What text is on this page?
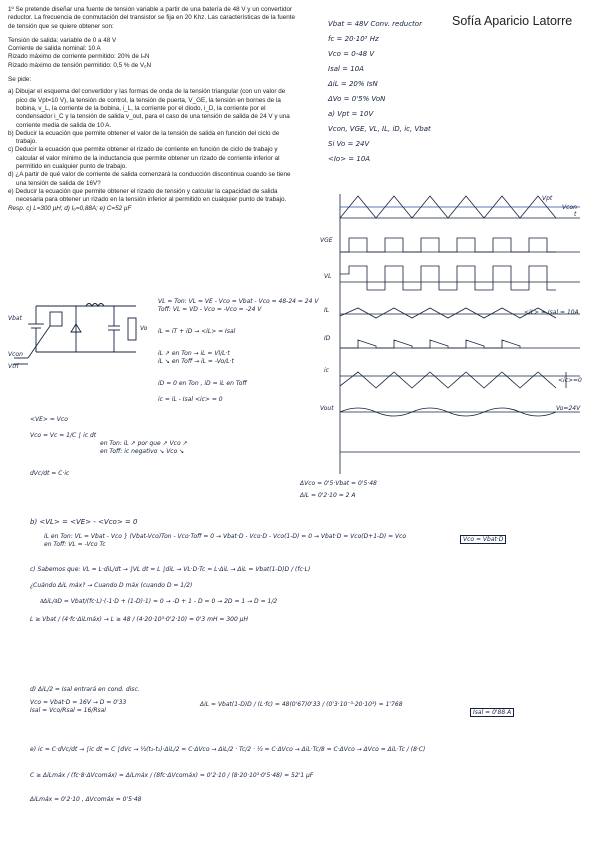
1º Se pretende diseñar una fuente de tensión variable a partir de una batería de 48 V y un convertidor reductor. La frecuencia de conmutación del transistor se fija en 20 Khz. Las características de la fuente de tensión que se quiere obtener son:
Tensión de salida: variable de 0 a 48 V
Corriente de salida nominal: 10 A
Rizado máximo de corriente permitido: 20% de IₙN
Rizado máximo de tensión permitido: 0,5 % de VₒN
Se pide:
a) Dibujar el esquema del convertidor y las formas de onda de la tensión triangular (con un valor de pico de Vpt=10 V), la tensión de control, la tensión de puerta, V_GE, la tensión en bornes de la bobina, v_L, la corriente de la bobina, i_L, la corriente por el diodo, i_D, la corriente por el condensador i_C y la tensión de salida v_out, para el caso de una tensión de salida de 24 V y una corriente media de salida de 10 A.
b) Deducir la ecuación que permite obtener el valor de la tensión de salida en función del ciclo de trabajo.
c) Deducir la ecuación que permite obtener el rizado de corriente en función de ciclo de trabajo y calcular el valor mínimo de la inductancia que permite obtener un rizado de corriente inferior al permitido en cualquier punto de trabajo.
d) ¿A partir de qué valor de corriente de salida comenzará la conducción discontinua cuando se tiene una tensión de salida de 16V?
e) Deducir la ecuación que permite obtener el rizado de tensión y calcular la capacidad de salida necesaria para obtener un rizado en la tensión inferior al permitido en cualquier punto de trabajo.
Resp. c) L=300 µH; d) Iₒ=0,88A; e) C=52 µF
Sofía Aparicio Latorre
Vbat = 48V Conv. reductor
fc = 20·10³ Hz
Vco = 0-48 V
Isal = 10A
ΔiL = 20% IsN
ΔVo = 0'5% VoN
a) Vpt = 10V
Vcon, VGE, VL, IL, iD, ic, Vbat
Si Vo = 24V
<Io> = 10A
Vpt
Vcon
t
VGE
VL
IL
ID
ic
Vout
<iL> = Isal = 10A
Vo=24V
<ic>=0
Vbat
Vcon
Vtri
Vo
VL = Ton: VL = VE - Vco = Vbat - Vco = 48-24 = 24 V
Toff: VL = VD - Vco = -Vco = -24 V
iL = iT + iD → <iL> = Isal
iL ↗ en Ton → iL = Vl/L·t
iL ↘ en Toff → iL = -Vo/L·t
iD = 0 en Ton , iD = iL en Toff
ic = iL - Isal <ic> = 0
<VE> = Vco
Vco = Vc = 1/C ∫ ic dt
en Ton: iL ↗ por que ↗ Vco ↗
en Toff: ic negativo ↘ Vco ↘
dVc/dt = C·ic
ΔVco = 0'5·Vbat = 0'5·48
ΔiL = 0'2·10 = 2 A
b) <VL> = <VE> - <Vco> = 0
iL en Ton: VL = Vbat - Vco } (Vbat-Vco)Ton - Vco·Toff = 0 → Vbat·D - Vco·D - Vco(1-D) = 0 → Vbat·D = Vco(D+1-D) = Vco
en Toff: VL = -Vco Tc
Vco = Vbat·D
c) Sabemos que: VL = L·diL/dt → ∫VL dt = L ∫diL → VL·D·Tc = L·ΔiL → ΔiL = Vbat(1-D)D / (fc·L)
¿Cuándo ΔiL máx? → Cuando D máx (cuando D = 1/2)
∂ΔiL/∂D = Vbat/(fc·L)·(-1·D + (1-D)·1) = 0 → -D + 1 - D = 0 → 2D = 1 → D = 1/2
L ≥ Vbat / (4·fc·ΔiLmáx) → L ≥ 48 / (4·20·10³·0'2·10) = 0'3 mH = 300 µH
d) ΔiL/2 = Isal entrará en cond. disc.
Vco = Vbat·D = 16V → D = 0'33
Isal = Vco/Rsal = 16/Rsal
ΔiL = Vbat(1-D)D / (L·fc) = 48(0'67)0'33 / (0'3·10⁻³·20·10³) = 1'768
Isal = 0'88 A
e) ic = C·dVc/dt → ∫ic dt = C ∫dVc → ½(t₂-t₁)·ΔiL/2 = C·ΔVco → ΔiL/2 · Tc/2 · ½ = C·ΔVco → ΔiL·Tc/8 = C·ΔVco → ΔVco = ΔiL·Tc / (8·C)
C ≥ ΔiLmáx / (fc·8·ΔVcomáx) = ΔiLmáx / (8fc·ΔVcomáx) = 0'2·10 / (8·20·10³·0'5·48) = 52'1 µF
ΔiLmáx = 0'2·10 , ΔVcomáx = 0'5·48
